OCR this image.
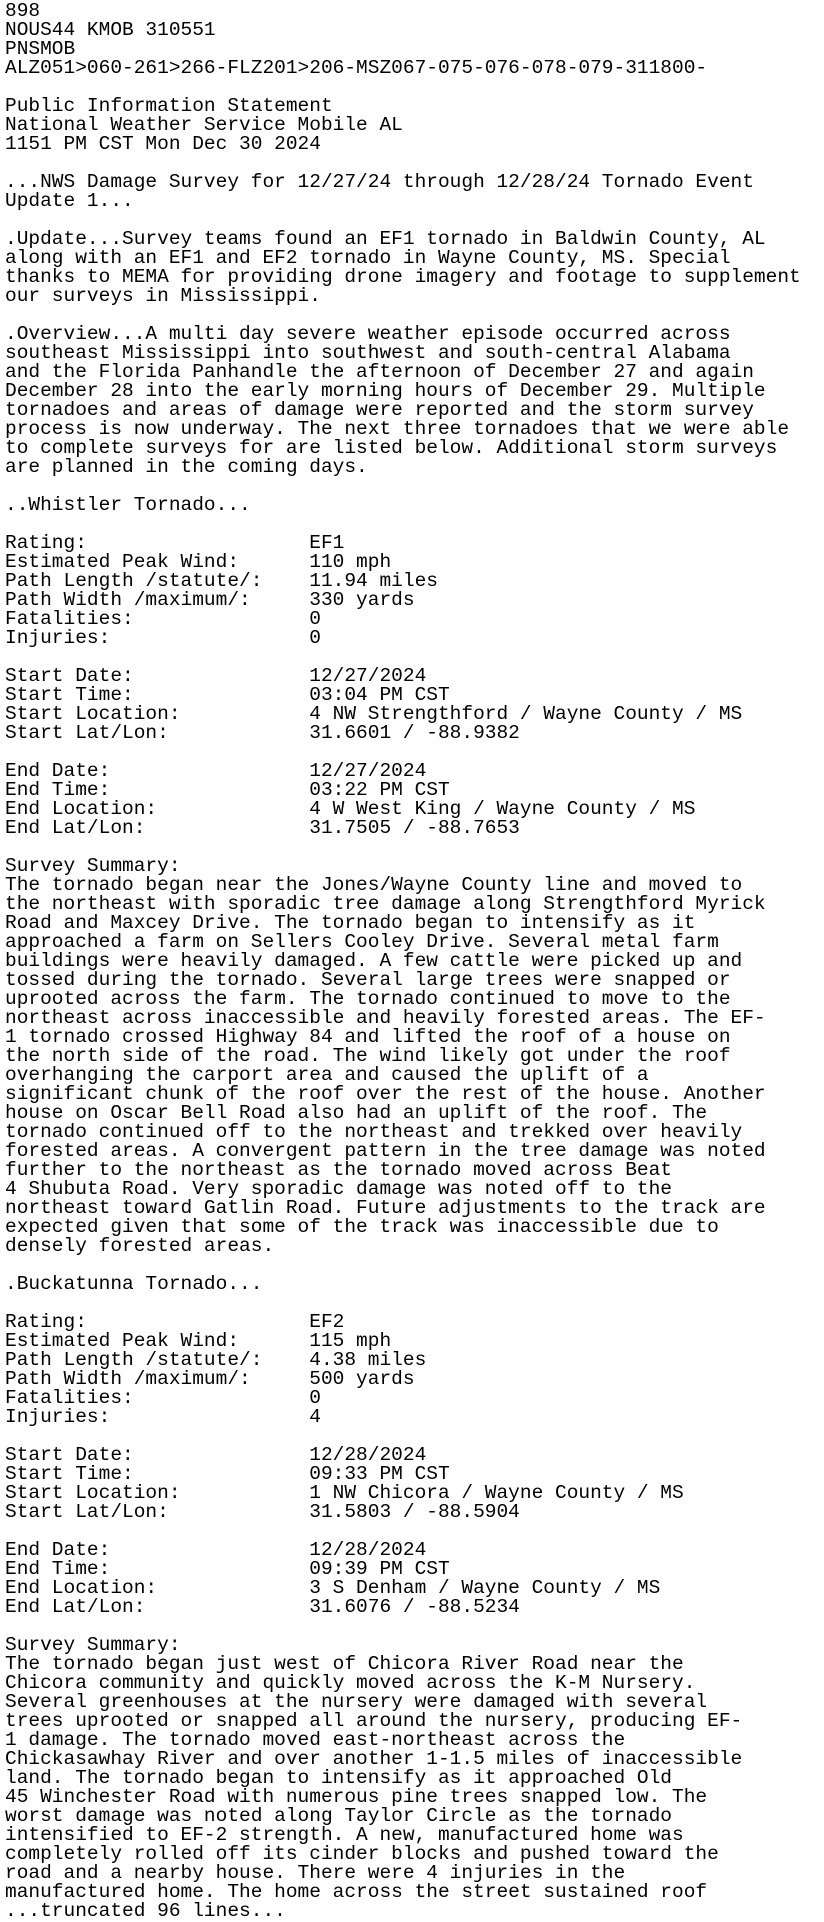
898
NOUS44 KMOB 310551
PNSMOB
ALZ051>060-261>266-FLZ201>206-MSZ067-075-076-078-079-311800-
Public Information Statement
National Weather Service Mobile AL
1151 PM CST Mon Dec 30 2024
...NWS Damage Survey for 12/27/24 through 12/28/24 Tornado Event
Update 1...
.Update...Survey teams found an EF1 tornado in Baldwin County, AL
along with an EF1 and EF2 tornado in Wayne County, MS. Special
thanks to MEMA for providing drone imagery and footage to supplement
our surveys in Mississippi.
.Overview...A multi day severe weather episode occurred across
southeast Mississippi into southwest and south-central Alabama
and the Florida Panhandle the afternoon of December 27 and again
December 28 into the early morning hours of December 29. Multiple
tornadoes and areas of damage were reported and the storm survey
process is now underway. The next three tornadoes that we were able
to complete surveys for are listed below. Additional storm surveys
are planned in the coming days.
..Whistler Tornado...
Rating:                   EF1
Estimated Peak Wind:      110 mph
Path Length /statute/:    11.94 miles
Path Width /maximum/:     330 yards
Fatalities:               0
Injuries:                 0
Start Date:               12/27/2024
Start Time:               03:04 PM CST
Start Location:           4 NW Strengthford / Wayne County / MS
Start Lat/Lon:            31.6601 / -88.9382
End Date:                 12/27/2024
End Time:                 03:22 PM CST
End Location:             4 W West King / Wayne County / MS
End Lat/Lon:              31.7505 / -88.7653
Survey Summary:
The tornado began near the Jones/Wayne County line and moved to
the northeast with sporadic tree damage along Strengthford Myrick
Road and Maxcey Drive. The tornado began to intensify as it
approached a farm on Sellers Cooley Drive. Several metal farm
buildings were heavily damaged. A few cattle were picked up and
tossed during the tornado. Several large trees were snapped or
uprooted across the farm. The tornado continued to move to the
northeast across inaccessible and heavily forested areas. The EF-
1 tornado crossed Highway 84 and lifted the roof of a house on
the north side of the road. The wind likely got under the roof
overhanging the carport area and caused the uplift of a
significant chunk of the roof over the rest of the house. Another
house on Oscar Bell Road also had an uplift of the roof. The
tornado continued off to the northeast and trekked over heavily
forested areas. A convergent pattern in the tree damage was noted
further to the northeast as the tornado moved across Beat
4 Shubuta Road. Very sporadic damage was noted off to the
northeast toward Gatlin Road. Future adjustments to the track are
expected given that some of the track was inaccessible due to
densely forested areas.
.Buckatunna Tornado...
Rating:                   EF2
Estimated Peak Wind:      115 mph
Path Length /statute/:    4.38 miles
Path Width /maximum/:     500 yards
Fatalities:               0
Injuries:                 4
Start Date:               12/28/2024
Start Time:               09:33 PM CST
Start Location:           1 NW Chicora / Wayne County / MS
Start Lat/Lon:            31.5803 / -88.5904
End Date:                 12/28/2024
End Time:                 09:39 PM CST
End Location:             3 S Denham / Wayne County / MS
End Lat/Lon:              31.6076 / -88.5234
Survey Summary:
The tornado began just west of Chicora River Road near the
Chicora community and quickly moved across the K-M Nursery.
Several greenhouses at the nursery were damaged with several
trees uprooted or snapped all around the nursery, producing EF-
1 damage. The tornado moved east-northeast across the
Chickasawhay River and over another 1-1.5 miles of inaccessible
land. The tornado began to intensify as it approached Old
45 Winchester Road with numerous pine trees snapped low. The
worst damage was noted along Taylor Circle as the tornado
intensified to EF-2 strength. A new, manufactured home was
completely rolled off its cinder blocks and pushed toward the
road and a nearby house. There were 4 injuries in the
manufactured home. The home across the street sustained roof
...truncated 96 lines...
